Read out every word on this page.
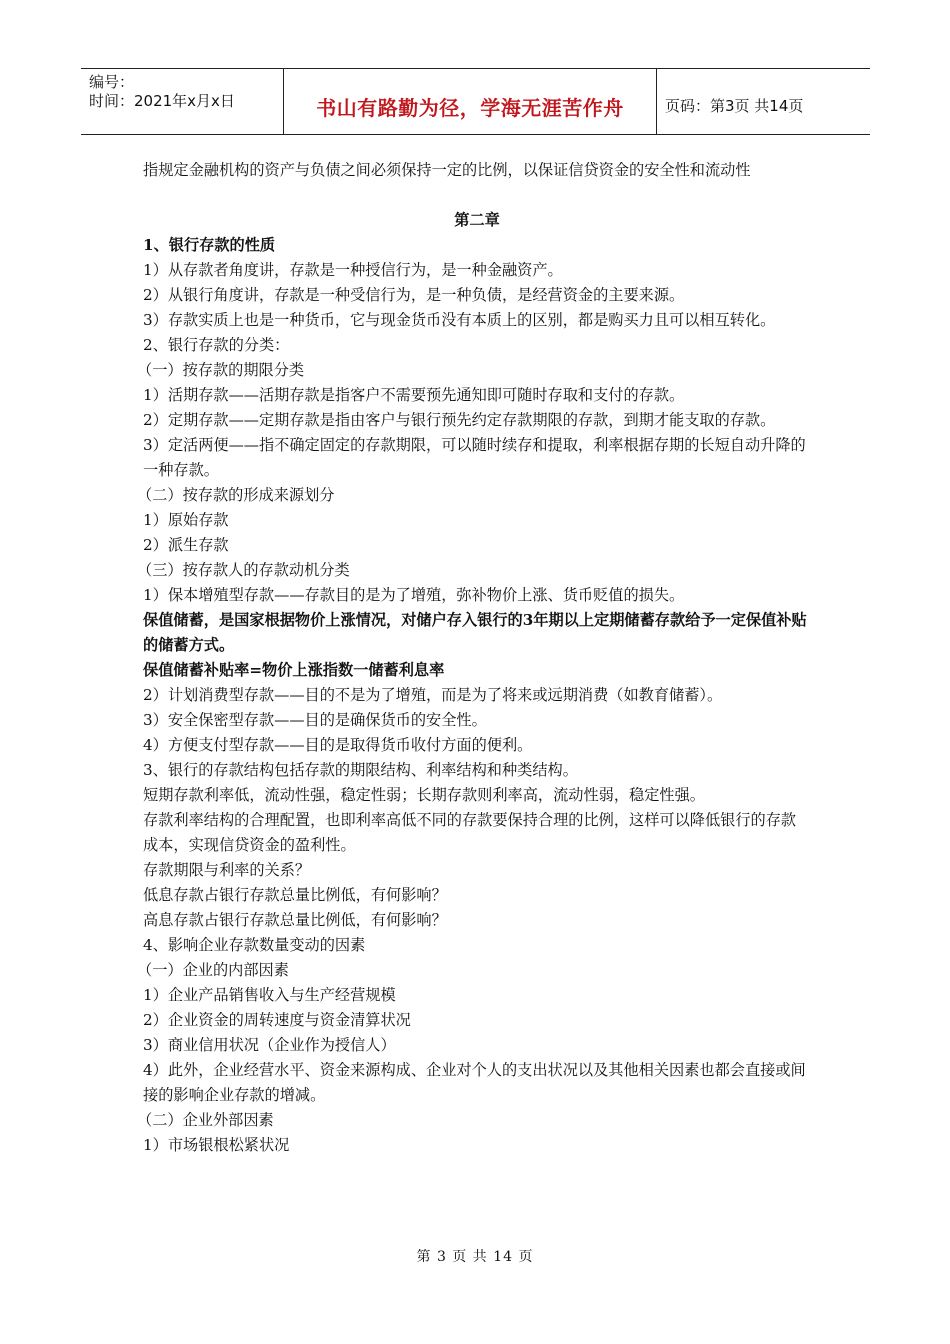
编号：
时间：2021年x月x日	书山有路勤为径，学海无涯苦作舟	页码：第3页 共14页

指规定金融机构的资产与负债之间必须保持一定的比例，以保证信贷资金的安全性和流动性

第二章

1、银行存款的性质

1）从存款者角度讲，存款是一种授信行为，是一种金融资产。

2）从银行角度讲，存款是一种受信行为，是一种负债，是经营资金的主要来源。

3）存款实质上也是一种货币，它与现金货币没有本质上的区别，都是购买力且可以相互转化。

2、银行存款的分类：

（一）按存款的期限分类

1）活期存款——活期存款是指客户不需要预先通知即可随时存取和支付的存款。

2）定期存款——定期存款是指由客户与银行预先约定存款期限的存款，到期才能支取的存款。

3）定活两便——指不确定固定的存款期限，可以随时续存和提取，利率根据存期的长短自动升降的一种存款。

（二）按存款的形成来源划分

1）原始存款

2）派生存款

（三）按存款人的存款动机分类

1）保本增殖型存款——存款目的是为了增殖，弥补物价上涨、货币贬值的损失。

保值储蓄，是国家根据物价上涨情况，对储户存入银行的3年期以上定期储蓄存款给予一定保值补贴的储蓄方式。

保值储蓄补贴率=物价上涨指数一储蓄利息率

2）计划消费型存款——目的不是为了增殖，而是为了将来或远期消费（如教育储蓄）。

3）安全保密型存款——目的是确保货币的安全性。

4）方便支付型存款——目的是取得货币收付方面的便利。

3、银行的存款结构包括存款的期限结构、利率结构和种类结构。

短期存款利率低，流动性强，稳定性弱；长期存款则利率高，流动性弱，稳定性强。

存款利率结构的合理配置，也即利率高低不同的存款要保持合理的比例，这样可以降低银行的存款成本，实现信贷资金的盈利性。

存款期限与利率的关系？

低息存款占银行存款总量比例低，有何影响？

高息存款占银行存款总量比例低，有何影响？

4、影响企业存款数量变动的因素

（一）企业的内部因素

1）企业产品销售收入与生产经营规模

2）企业资金的周转速度与资金清算状况

3）商业信用状况（企业作为授信人）

4）此外，企业经营水平、资金来源构成、企业对个人的支出状况以及其他相关因素也都会直接或间接的影响企业存款的增减。

（二）企业外部因素

1）市场银根松紧状况

第 3 页 共 14 页
